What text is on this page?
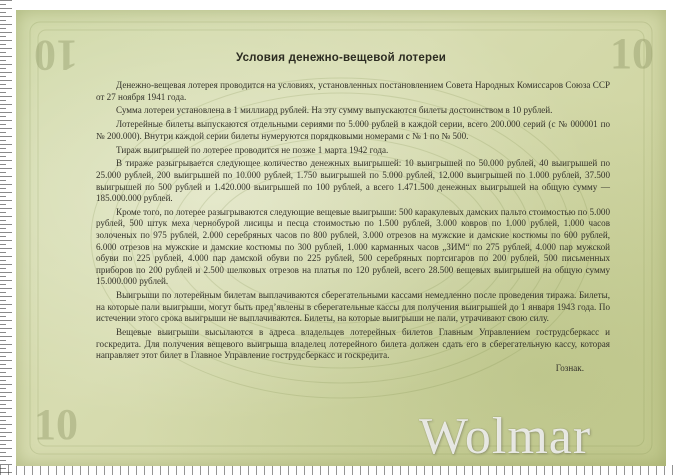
10	10
10
Условия денежно-вещевой лотереи

Денежно-вещевая лотерея проводится на условиях, установленных постановлением Совета Народных Комиссаров Союза ССР от 27 ноября 1941 года.

Сумма лотереи установлена в 1 миллиард рублей. На эту сумму выпускаются билеты достоинством в 10 рублей.

Лотерейные билеты выпускаются отдельными сериями по 5.000 рублей в каждой серии, всего 200.000 серий (с № 000001 по № 200.000). Внутри каждой серии билеты нумеруются порядковыми номерами с № 1 по № 500.

Тираж выигрышей по лотерее проводится не позже 1 марта 1942 года.

В тираже разыгрывается следующее количество денежных выигрышей: 10 выигрышей по 50.000 рублей, 40 выигрышей по 25.000 рублей, 200 выигрышей по 10.000 рублей, 1.750 выигрышей по 5.000 рублей, 12.000 выигрышей по 1.000 рублей, 37.500 выигрышей по 500 рублей и 1.420.000 выигрышей по 100 рублей, а всего 1.471.500 денежных выигрышей на общую сумму — 185.000.000 рублей.

Кроме того, по лотерее разыгрываются следующие вещевые выигрыши: 500 каракулевых дамских пальто стоимостью по 5.000 рублей, 500 штук меха чернобурой лисицы и песца стоимостью по 1.500 рублей, 3.000 ковров по 1.000 рублей, 1.000 часов золоченых по 975 рублей, 2.000 серебряных часов по 800 рублей, 3.000 отрезов на мужские и дамские костюмы по 600 рублей, 6.000 отрезов на мужские и дамские костюмы по 300 рублей, 1.000 карманных часов „ЗИМ“ по 275 рублей, 4.000 пар мужской обуви по 225 рублей, 4.000 пар дамской обуви по 225 рублей, 500 серебряных портсигаров по 200 рублей, 500 письменных приборов по 200 рублей и 2.500 шелковых отрезов на платья по 120 рублей, всего 28.500 вещевых выигрышей на общую сумму 15.000.000 рублей.

Выигрыши по лотерейным билетам выплачиваются сберегательными кассами немедленно после проведения тиража. Билеты, на которые пали выигрыши, могут быть пред’явлены в сберегательные кассы для получения выигрышей до 1 января 1943 года. По истечении этого срока выигрыши не выплачиваются. Билеты, на которые выигрыши не пали, утрачивают свою силу.

Вещевые выигрыши высылаются в адреса владельцев лотерейных билетов Главным Управлением гострудсберкасс и госкредита. Для получения вещевого выигрыша владелец лотерейного билета должен сдать его в сберегательную кассу, которая направляет этот билет в Главное Управление гострудсберкасс и госкредита.

Гознак.

Wolmar
